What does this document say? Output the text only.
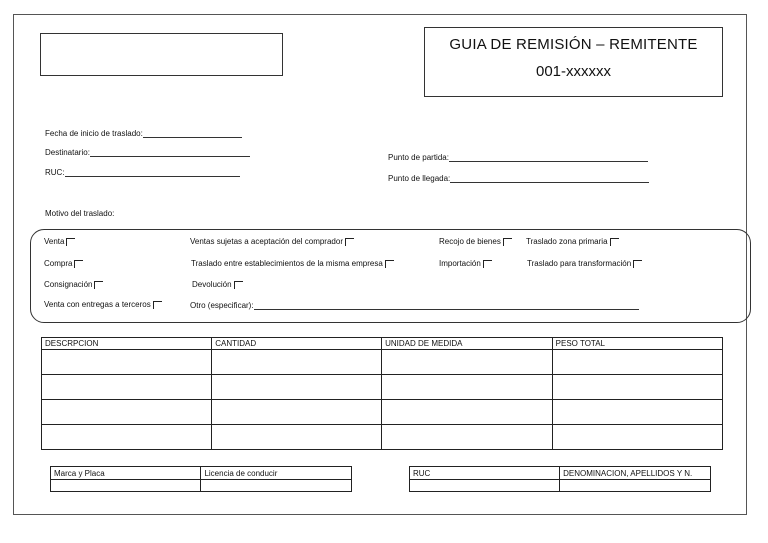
GUIA DE REMISIÓN – REMITENTE
001-xxxxxx
Fecha de inicio de traslado:
Destinatario:
RUC:
Punto de partida:
Punto de llegada:
Motivo del traslado:
Venta	Ventas sujetas a aceptación del comprador	Recojo de bienes	Traslado zona primaria
Compra	Traslado entre establecimientos de la misma empresa	Importación	Traslado para transformación
Consignación	Devolución
Venta con entregas a terceros	Otro (especificar):
DESCRPCION	CANTIDAD	UNIDAD DE MEDIDA	PESO TOTAL

Marca y Placa	Licencia de conducir
		RUC	DENOMINACION, APELLIDOS Y N.
